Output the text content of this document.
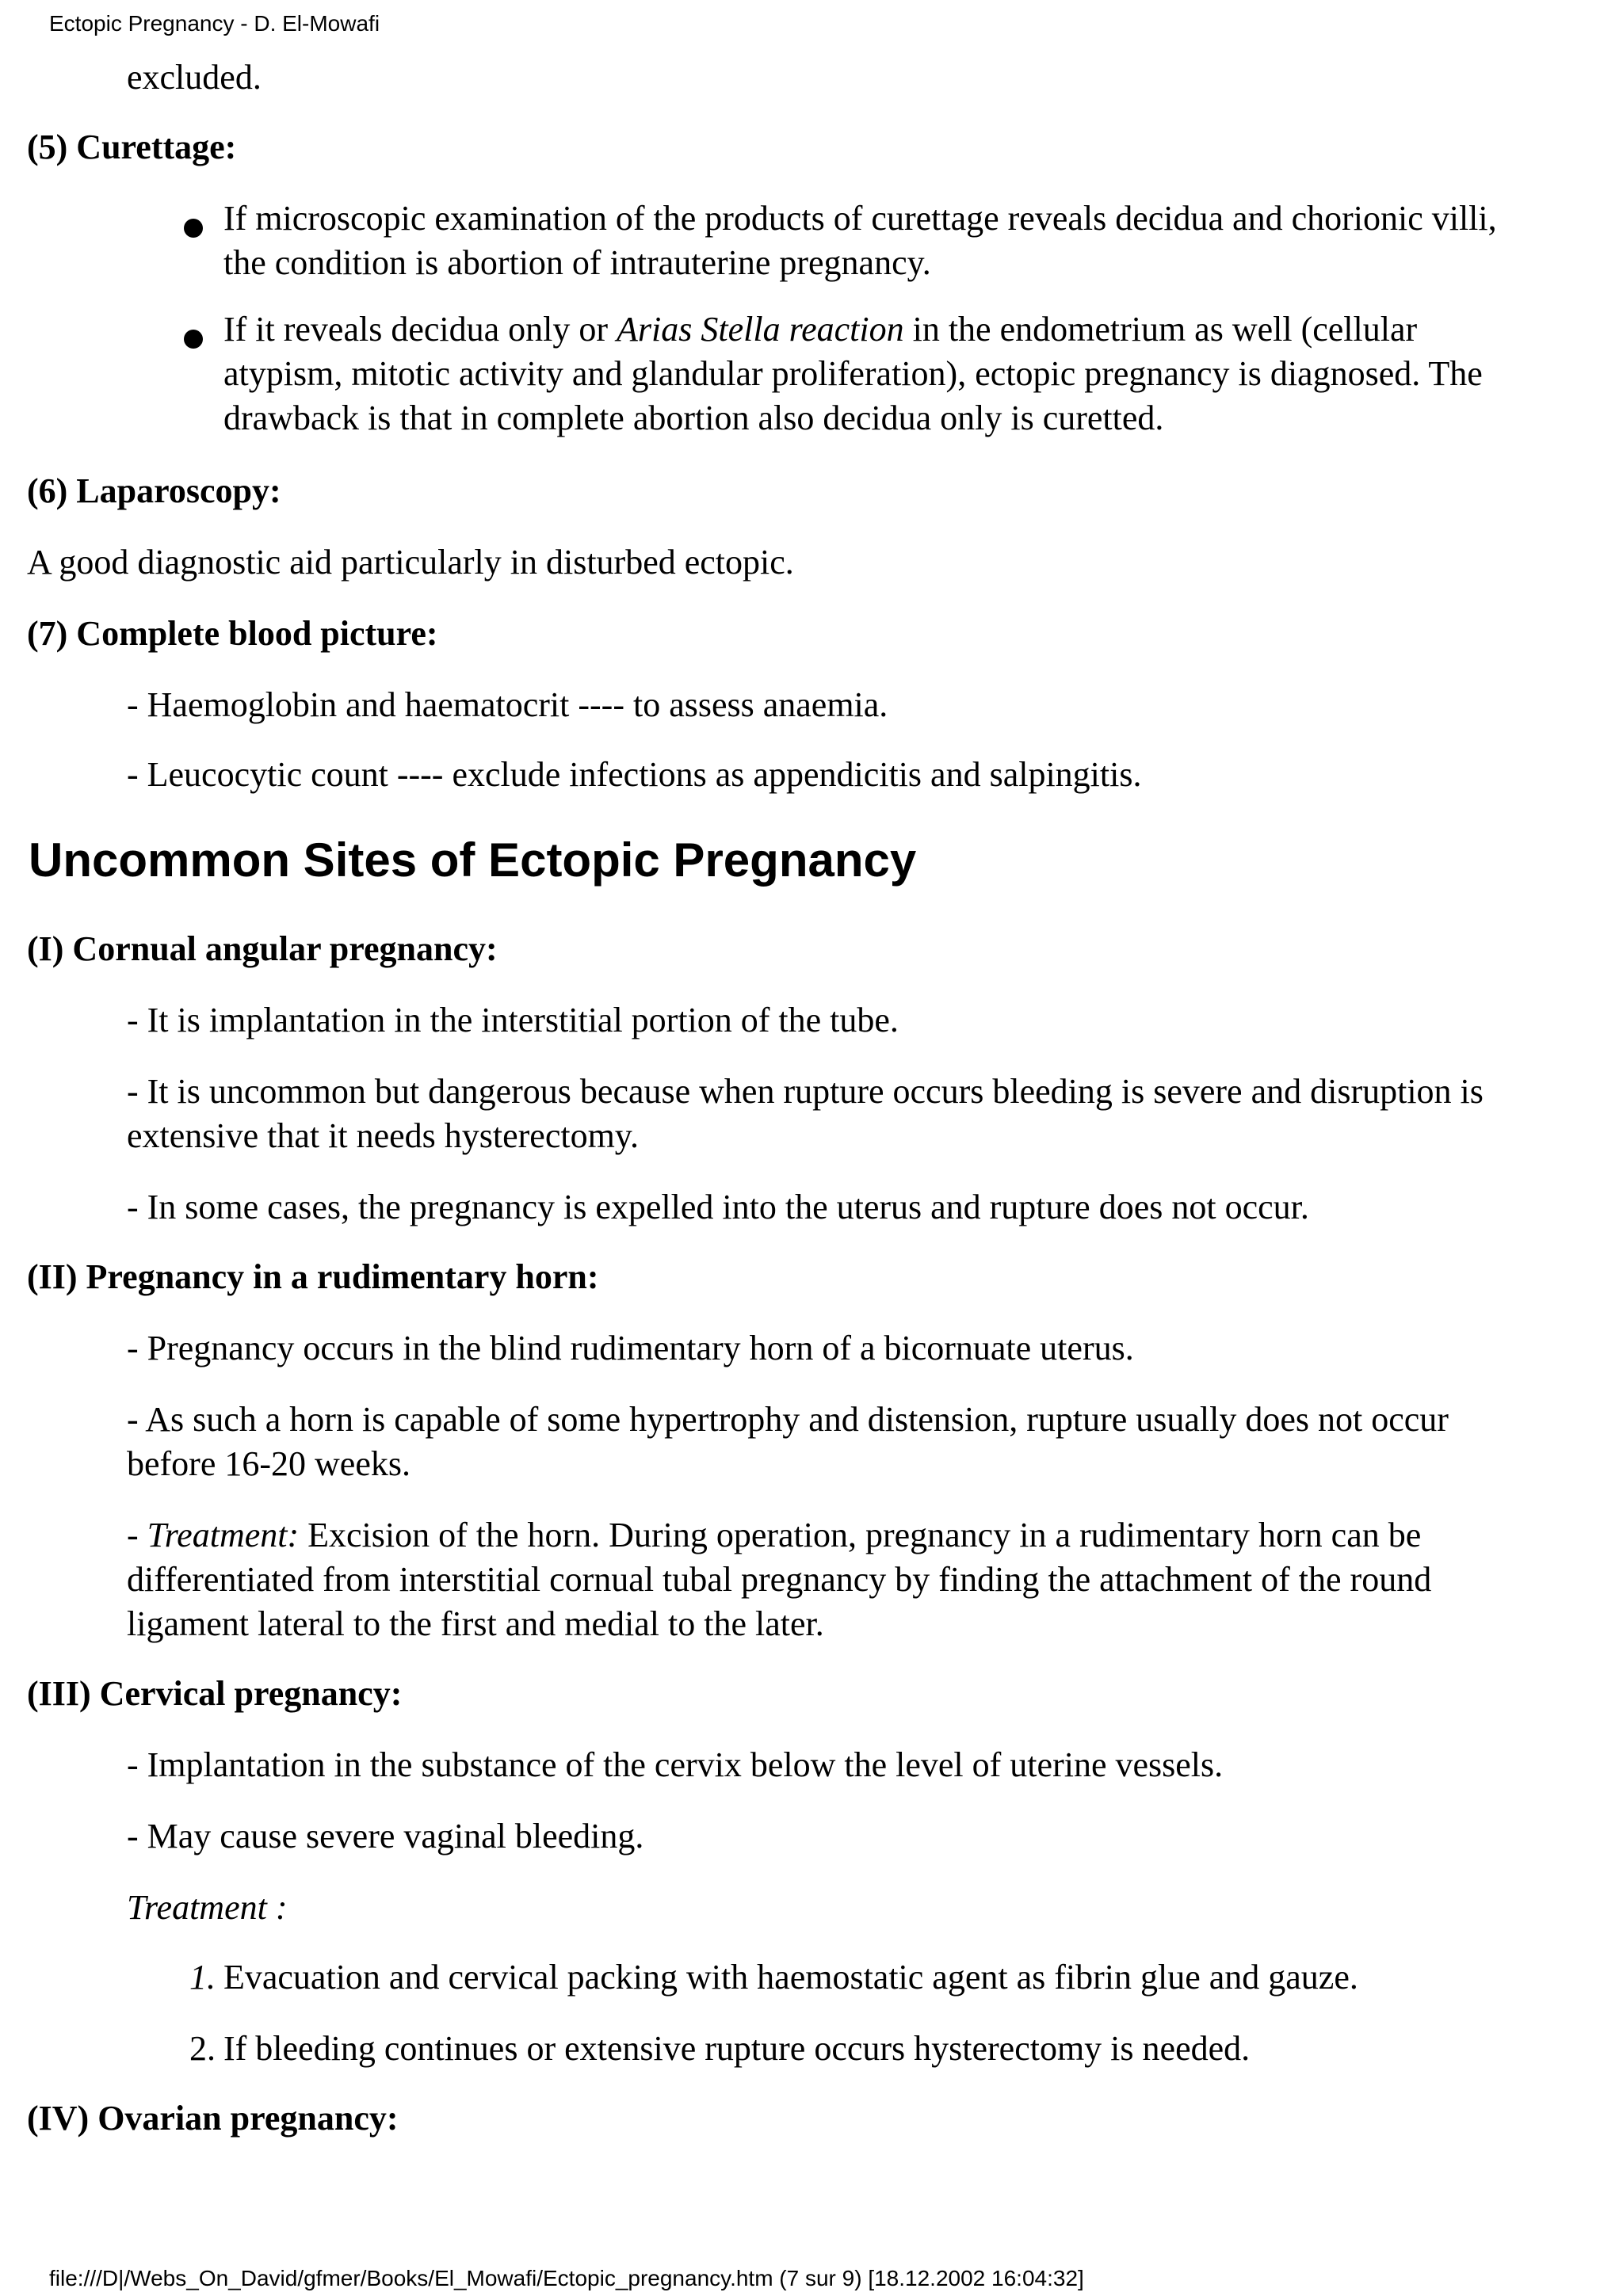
Ectopic Pregnancy - D. El-Mowafi

excluded.

(5) Curettage:

If microscopic examination of the products of curettage reveals decidua and chorionic villi, the condition is abortion of intrauterine pregnancy.

If it reveals decidua only or Arias Stella reaction in the endometrium as well (cellular atypism, mitotic activity and glandular proliferation), ectopic pregnancy is diagnosed. The drawback is that in complete abortion also decidua only is curetted.

(6) Laparoscopy:

A good diagnostic aid particularly in disturbed ectopic.

(7) Complete blood picture:

- Haemoglobin and haematocrit ---- to assess anaemia.

- Leucocytic count ---- exclude infections as appendicitis and salpingitis.

Uncommon Sites of Ectopic Pregnancy

(I) Cornual angular pregnancy:

- It is implantation in the interstitial portion of the tube.

- It is uncommon but dangerous because when rupture occurs bleeding is severe and disruption is extensive that it needs hysterectomy.

- In some cases, the pregnancy is expelled into the uterus and rupture does not occur.

(II) Pregnancy in a rudimentary horn:

- Pregnancy occurs in the blind rudimentary horn of a bicornuate uterus.

- As such a horn is capable of some hypertrophy and distension, rupture usually does not occur before 16-20 weeks.

- Treatment: Excision of the horn. During operation, pregnancy in a rudimentary horn can be differentiated from interstitial cornual tubal pregnancy by finding the attachment of the round ligament lateral to the first and medial to the later.

(III) Cervical pregnancy:

- Implantation in the substance of the cervix below the level of uterine vessels.

- May cause severe vaginal bleeding.

Treatment :

1. Evacuation and cervical packing with haemostatic agent as fibrin glue and gauze.

2. If bleeding continues or extensive rupture occurs hysterectomy is needed.

(IV) Ovarian pregnancy:

file:///D|/Webs_On_David/gfmer/Books/El_Mowafi/Ectopic_pregnancy.htm (7 sur 9) [18.12.2002 16:04:32]
